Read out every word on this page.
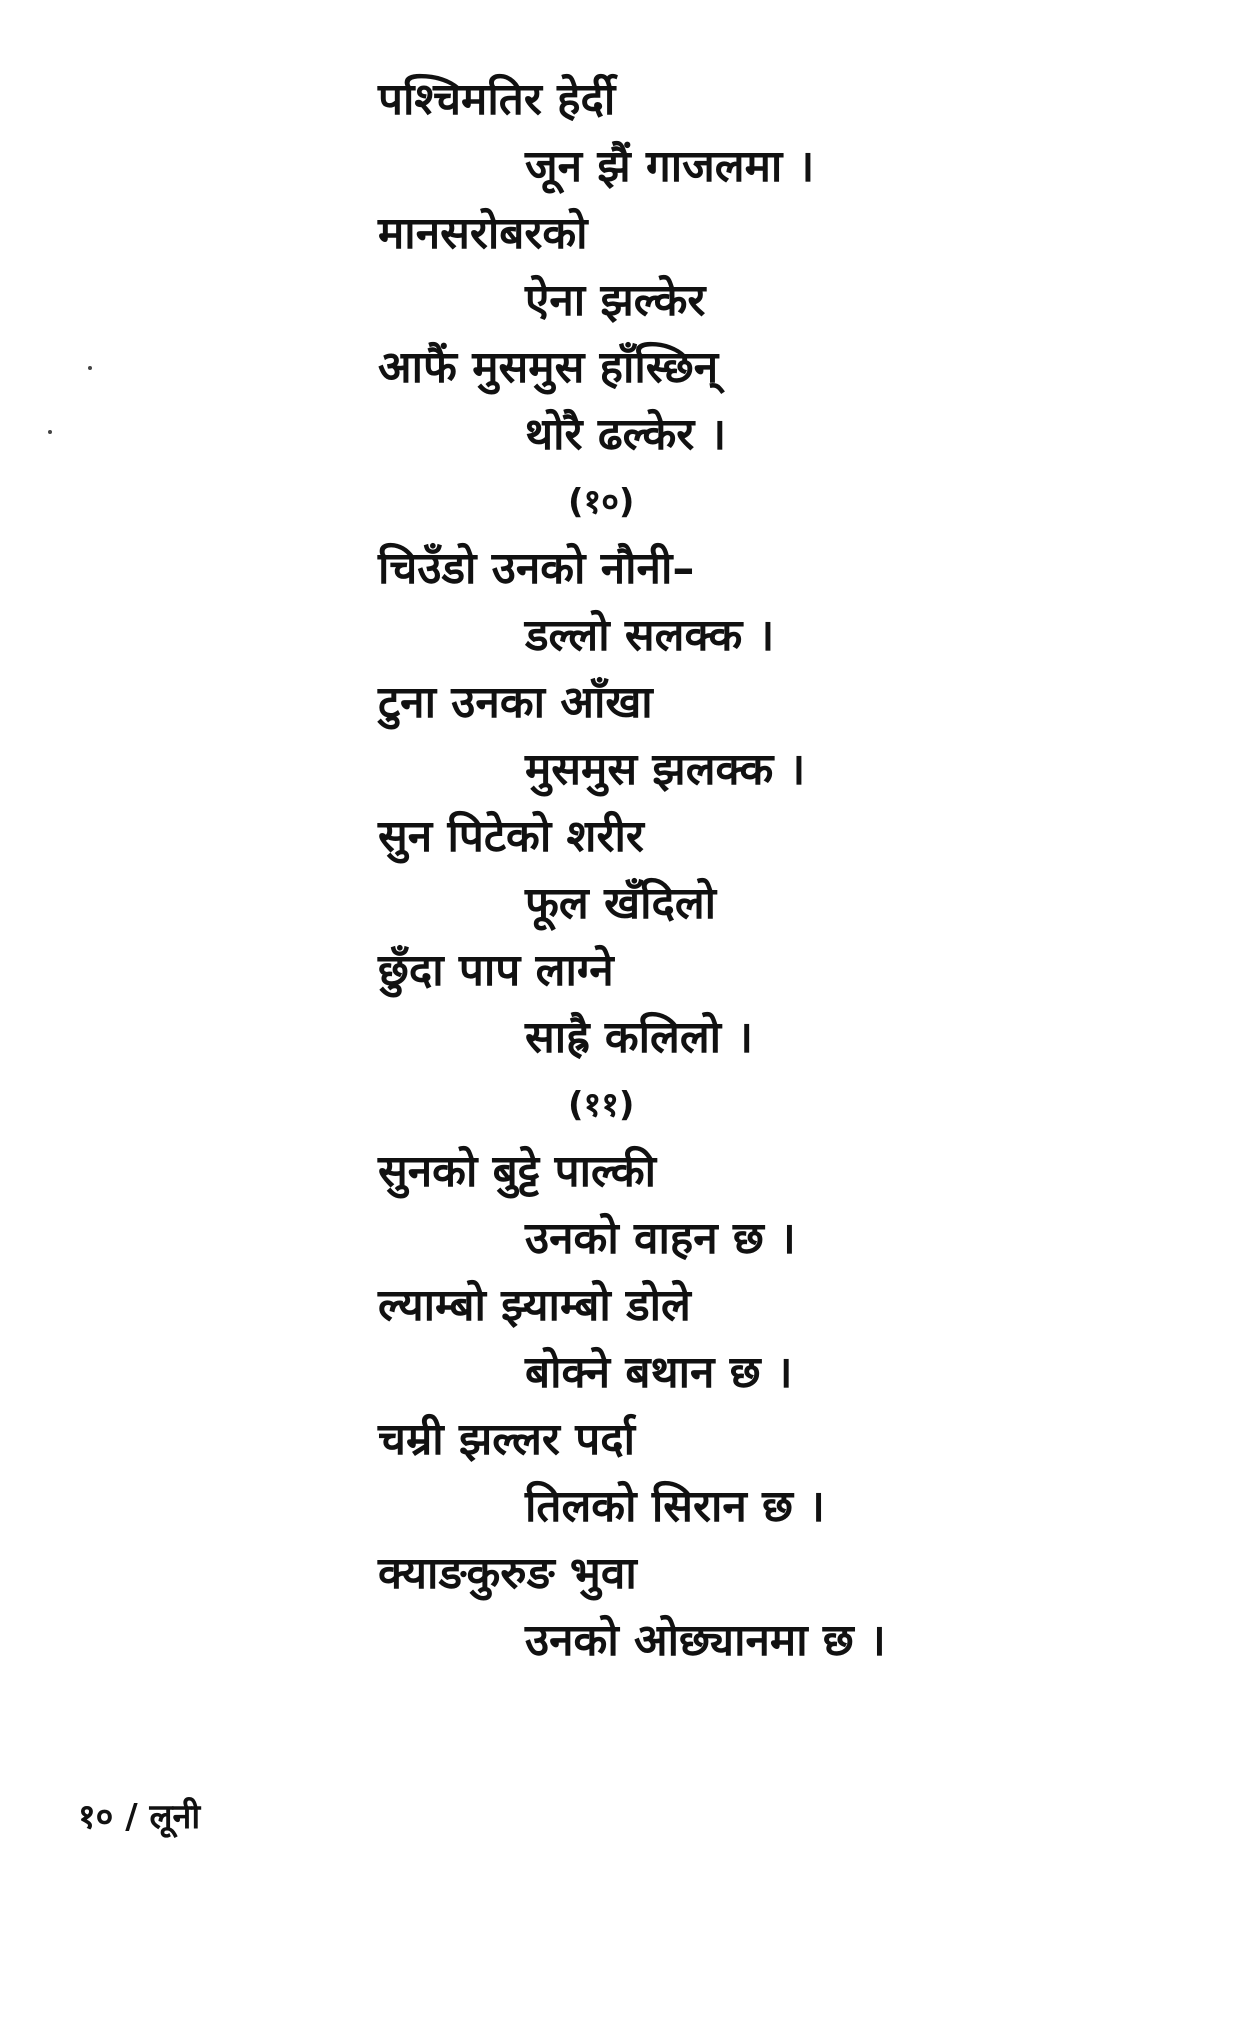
पश्चिमतिर हेर्दी
जून झैं गाजलमा ।
मानसरोबरको
ऐना झल्केर
आफैं मुसमुस हाँस्छिन्
थोरै ढल्केर ।
(१०)
चिउँडो उनको नौनी–
डल्लो सलक्क ।
टुना उनका आँखा
मुसमुस झलक्क ।
सुन पिटेको शरीर
फूल खँदिलो
छुँदा पाप लाग्ने
साह्रै कलिलो ।
(११)
सुनको बुट्टे पाल्की
उनको वाहन छ ।
ल्याम्बो झ्याम्बो डोले
बोक्ने बथान छ ।
चम्री झल्लर पर्दा
तिलको सिरान छ ।
क्याङकुरुङ भुवा
उनको ओछ्यानमा छ ।
१० / लूनी
